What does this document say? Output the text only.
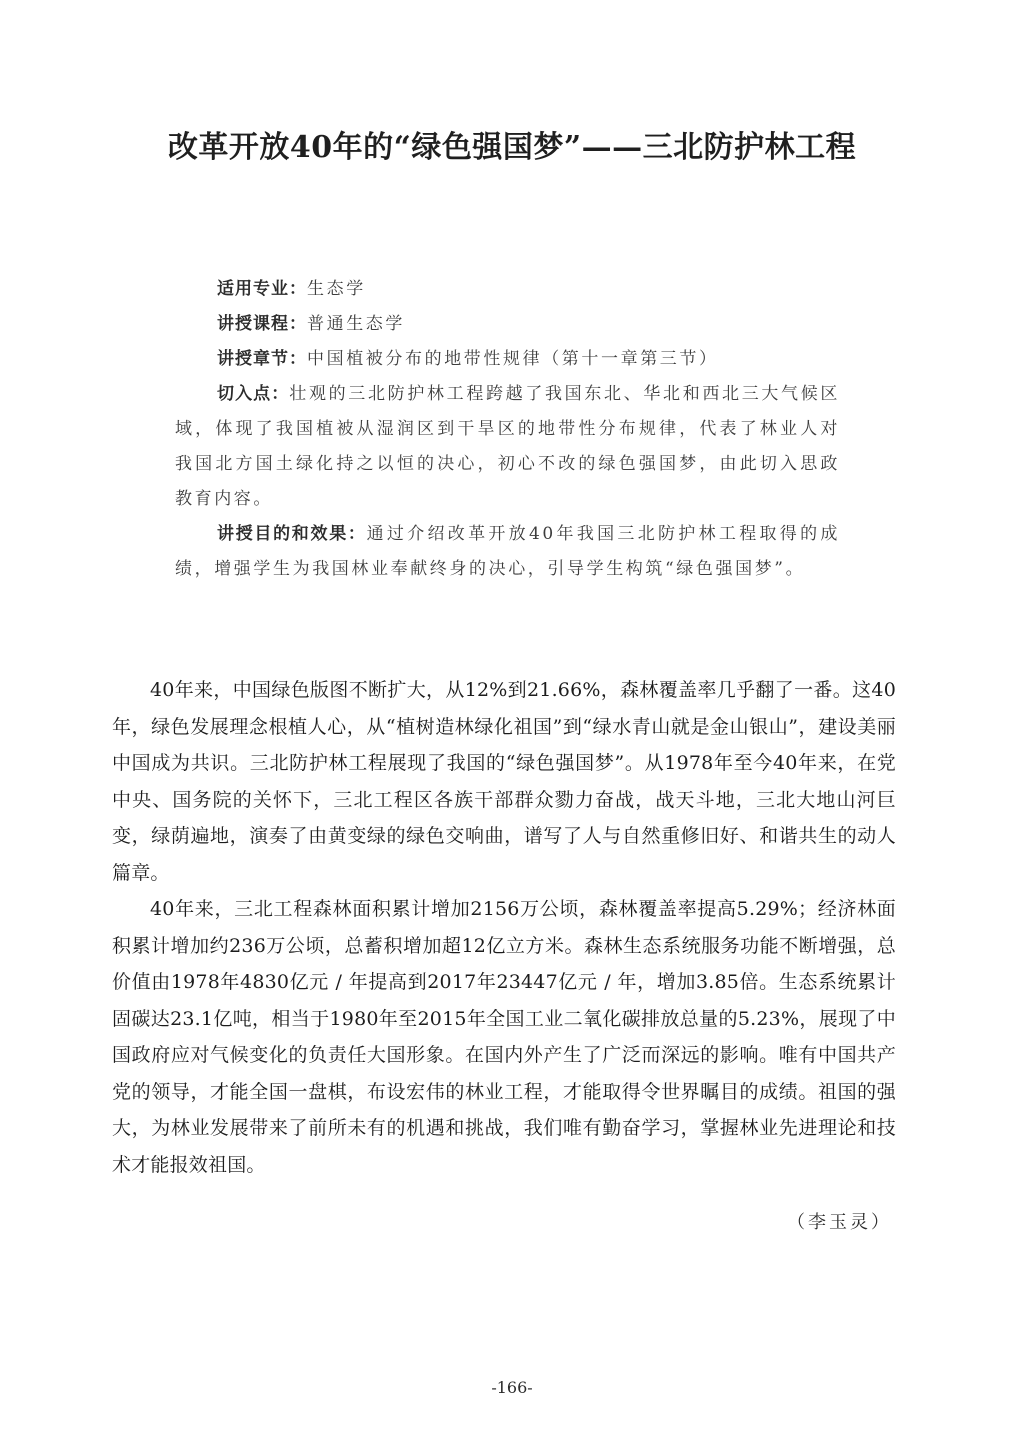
改革开放40年的“绿色强国梦”——三北防护林工程
适用专业：生态学
讲授课程：普通生态学
讲授章节：中国植被分布的地带性规律（第十一章第三节）
切入点：壮观的三北防护林工程跨越了我国东北、华北和西北三大气候区域，体现了我国植被从湿润区到干旱区的地带性分布规律，代表了林业人对我国北方国土绿化持之以恒的决心，初心不改的绿色强国梦，由此切入思政教育内容。
讲授目的和效果：通过介绍改革开放40年我国三北防护林工程取得的成绩，增强学生为我国林业奉献终身的决心，引导学生构筑“绿色强国梦”。

40年来，中国绿色版图不断扩大，从12%到21.66%，森林覆盖率几乎翻了一番。这40年，绿色发展理念根植人心，从“植树造林绿化祖国”到“绿水青山就是金山银山”，建设美丽中国成为共识。三北防护林工程展现了我国的“绿色强国梦”。从1978年至今40年来，在党中央、国务院的关怀下，三北工程区各族干部群众勠力奋战，战天斗地，三北大地山河巨变，绿荫遍地，演奏了由黄变绿的绿色交响曲，谱写了人与自然重修旧好、和谐共生的动人篇章。

40年来，三北工程森林面积累计增加2156万公顷，森林覆盖率提高5.29%；经济林面积累计增加约236万公顷，总蓄积增加超12亿立方米。森林生态系统服务功能不断增强，总价值由1978年4830亿元 / 年提高到2017年23447亿元 / 年，增加3.85倍。生态系统累计固碳达23.1亿吨，相当于1980年至2015年全国工业二氧化碳排放总量的5.23%，展现了中国政府应对气候变化的负责任大国形象。在国内外产生了广泛而深远的影响。唯有中国共产党的领导，才能全国一盘棋，布设宏伟的林业工程，才能取得令世界瞩目的成绩。祖国的强大，为林业发展带来了前所未有的机遇和挑战，我们唯有勤奋学习，掌握林业先进理论和技术才能报效祖国。

（李玉灵）
-166-
